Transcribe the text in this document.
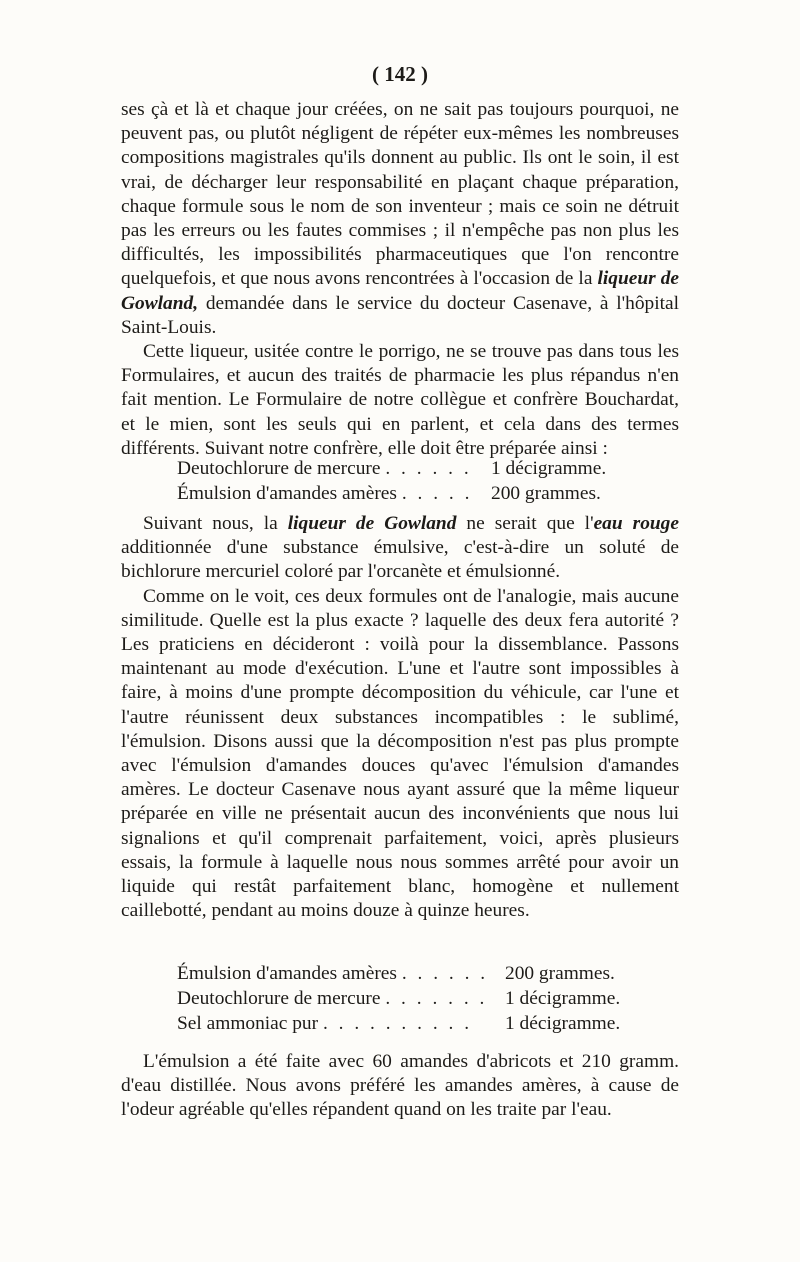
( 142 )

ses çà et là et chaque jour créées, on ne sait pas toujours pourquoi, ne peuvent pas, ou plutôt négligent de répéter eux-mêmes les nombreuses compositions magistrales qu'ils donnent au public. Ils ont le soin, il est vrai, de décharger leur responsabilité en plaçant chaque préparation, chaque formule sous le nom de son inventeur ; mais ce soin ne détruit pas les erreurs ou les fautes commises ; il n'empêche pas non plus les difficultés, les impossibilités pharmaceutiques que l'on rencontre quelquefois, et que nous avons rencontrées à l'occasion de la liqueur de Gowland, demandée dans le service du docteur Casenave, à l'hôpital Saint-Louis.

Cette liqueur, usitée contre le porrigo, ne se trouve pas dans tous les Formulaires, et aucun des traités de pharmacie les plus répandus n'en fait mention. Le Formulaire de notre collègue et confrère Bouchardat, et le mien, sont les seuls qui en parlent, et cela dans des termes différents. Suivant notre confrère, elle doit être préparée ainsi :

Deutochlorure de mercure . . . . . . 1 décigramme.
Émulsion d'amandes amères . . . . . 200 grammes.

Suivant nous, la liqueur de Gowland ne serait que l'eau rouge additionnée d'une substance émulsive, c'est-à-dire un soluté de bichlorure mercuriel coloré par l'orcanète et émulsionné.

Comme on le voit, ces deux formules ont de l'analogie, mais aucune similitude. Quelle est la plus exacte ? laquelle des deux fera autorité ? Les praticiens en décideront : voilà pour la dissemblance. Passons maintenant au mode d'exécution. L'une et l'autre sont impossibles à faire, à moins d'une prompte décomposition du véhicule, car l'une et l'autre réunissent deux substances incompatibles : le sublimé, l'émulsion. Disons aussi que la décomposition n'est pas plus prompte avec l'émulsion d'amandes douces qu'avec l'émulsion d'amandes amères. Le docteur Casenave nous ayant assuré que la même liqueur préparée en ville ne présentait aucun des inconvénients que nous lui signalions et qu'il comprenait parfaitement, voici, après plusieurs essais, la formule à laquelle nous nous sommes arrêté pour avoir un liquide qui restât parfaitement blanc, homogène et nullement caillebotté, pendant au moins douze à quinze heures.

Émulsion d'amandes amères . . . . . . 200 grammes.
Deutochlorure de mercure . . . . . . . 1 décigramme.
Sel ammoniac pur . . . . . . . . . .	1 décigramme.

L'émulsion a été faite avec 60 amandes d'abricots et 210 gramm. d'eau distillée. Nous avons préféré les amandes amères, à cause de l'odeur agréable qu'elles répandent quand on les traite par l'eau.
